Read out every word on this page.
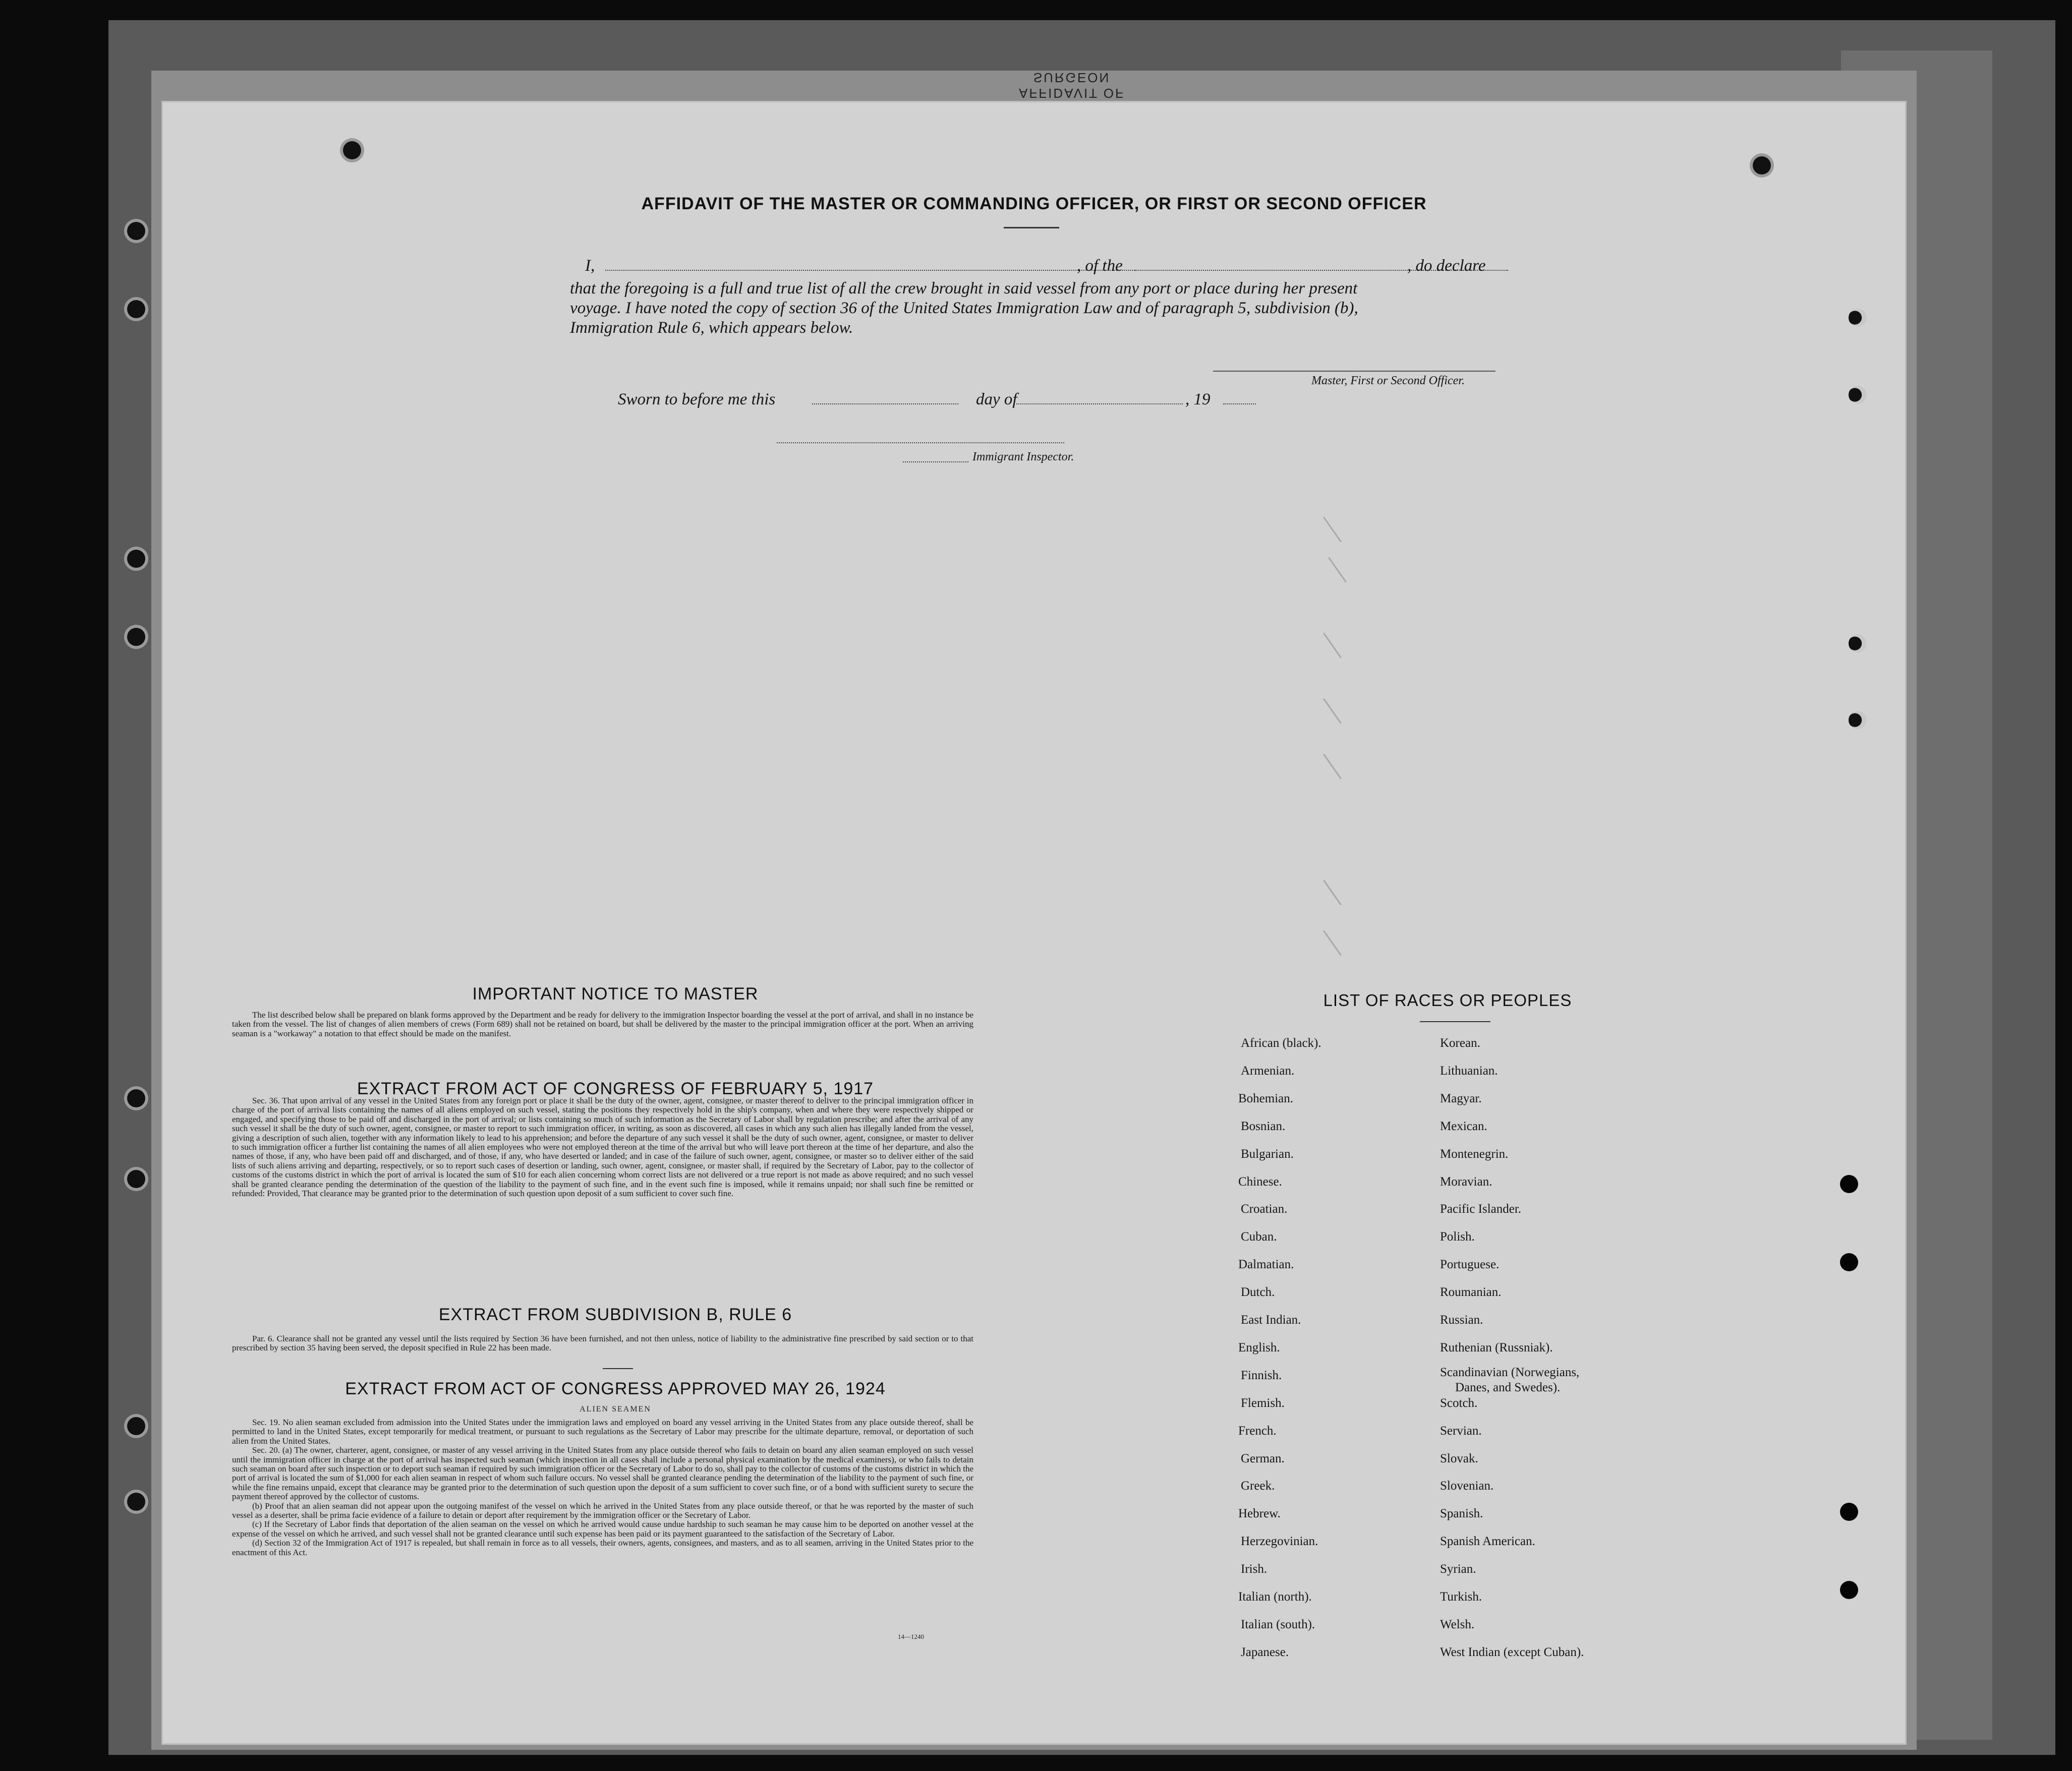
AFFIDAVIT OF SURGEON
AFFIDAVIT OF THE MASTER OR COMMANDING OFFICER, OR FIRST OR SECOND OFFICER
I,	, of the	, do declare
that the foregoing is a full and true list of all the crew brought in said vessel from any port or place during her present
voyage. I have noted the copy of section 36 of the United States Immigration Law and of paragraph 5, subdivision (b),
Immigration Rule 6, which appears below.
Master, First or Second Officer.
Sworn to before me this	day of	, 19
Immigrant Inspector.
IMPORTANT NOTICE TO MASTER

The list described below shall be prepared on blank forms approved by the Department and be ready for delivery to the immigration Inspector boarding the vessel at the port of arrival, and shall in no instance be taken from the vessel. The list of changes of alien members of crews (Form 689) shall not be retained on board, but shall be delivered by the master to the principal immigration officer at the port. When an arriving seaman is a "workaway" a notation to that effect should be made on the manifest.

EXTRACT FROM ACT OF CONGRESS OF FEBRUARY 5, 1917

Sec. 36. That upon arrival of any vessel in the United States from any foreign port or place it shall be the duty of the owner, agent, consignee, or master thereof to deliver to the principal immigration officer in charge of the port of arrival lists containing the names of all aliens employed on such vessel, stating the positions they respectively hold in the ship's company, when and where they were respectively shipped or engaged, and specifying those to be paid off and discharged in the port of arrival; or lists containing so much of such information as the Secretary of Labor shall by regulation prescribe; and after the arrival of any such vessel it shall be the duty of such owner, agent, consignee, or master to report to such immigration officer, in writing, as soon as discovered, all cases in which any such alien has illegally landed from the vessel, giving a description of such alien, together with any information likely to lead to his apprehension; and before the departure of any such vessel it shall be the duty of such owner, agent, consignee, or master to deliver to such immigration officer a further list containing the names of all alien employees who were not employed thereon at the time of the arrival but who will leave port thereon at the time of her departure, and also the names of those, if any, who have been paid off and discharged, and of those, if any, who have deserted or landed; and in case of the failure of such owner, agent, consignee, or master so to deliver either of the said lists of such aliens arriving and departing, respectively, or so to report such cases of desertion or landing, such owner, agent, consignee, or master shall, if required by the Secretary of Labor, pay to the collector of customs of the customs district in which the port of arrival is located the sum of $10 for each alien concerning whom correct lists are not delivered or a true report is not made as above required; and no such vessel shall be granted clearance pending the determination of the question of the liability to the payment of such fine, and in the event such fine is imposed, while it remains unpaid; nor shall such fine be remitted or refunded: Provided, That clearance may be granted prior to the determination of such question upon deposit of a sum sufficient to cover such fine.

EXTRACT FROM SUBDIVISION B, RULE 6

Par. 6. Clearance shall not be granted any vessel until the lists required by Section 36 have been furnished, and not then unless, notice of liability to the administrative fine prescribed by said section or to that prescribed by section 35 having been served, the deposit specified in Rule 22 has been made.

EXTRACT FROM ACT OF CONGRESS APPROVED MAY 26, 1924
ALIEN SEAMEN

Sec. 19. No alien seaman excluded from admission into the United States under the immigration laws and employed on board any vessel arriving in the United States from any place outside thereof, shall be permitted to land in the United States, except temporarily for medical treatment, or pursuant to such regulations as the Secretary of Labor may prescribe for the ultimate departure, removal, or deportation of such alien from the United States.

Sec. 20. (a) The owner, charterer, agent, consignee, or master of any vessel arriving in the United States from any place outside thereof who fails to detain on board any alien seaman employed on such vessel until the immigration officer in charge at the port of arrival has inspected such seaman (which inspection in all cases shall include a personal physical examination by the medical examiners), or who fails to detain such seaman on board after such inspection or to deport such seaman if required by such immigration officer or the Secretary of Labor to do so, shall pay to the collector of customs of the customs district in which the port of arrival is located the sum of $1,000 for each alien seaman in respect of whom such failure occurs. No vessel shall be granted clearance pending the determination of the liability to the payment of such fine, or while the fine remains unpaid, except that clearance may be granted prior to the determination of such question upon the deposit of a sum sufficient to cover such fine, or of a bond with sufficient surety to secure the payment thereof approved by the collector of customs.

(b) Proof that an alien seaman did not appear upon the outgoing manifest of the vessel on which he arrived in the United States from any place outside thereof, or that he was reported by the master of such vessel as a deserter, shall be prima facie evidence of a failure to detain or deport after requirement by the immigration officer or the Secretary of Labor.

(c) If the Secretary of Labor finds that deportation of the alien seaman on the vessel on which he arrived would cause undue hardship to such seaman he may cause him to be deported on another vessel at the expense of the vessel on which he arrived, and such vessel shall not be granted clearance until such expense has been paid or its payment guaranteed to the satisfaction of the Secretary of Labor.

(d) Section 32 of the Immigration Act of 1917 is repealed, but shall remain in force as to all vessels, their owners, agents, consignees, and masters, and as to all seamen, arriving in the United States prior to the enactment of this Act.

14—1240
LIST OF RACES OR PEOPLES
African (black).
Armenian.
Bohemian.
Bosnian.
Bulgarian.
Chinese.
Croatian.
Cuban.
Dalmatian.
Dutch.
East Indian.
English.
Finnish.
Flemish.
French.
German.
Greek.
Hebrew.
Herzegovinian.
Irish.
Italian (north).
Italian (south).
Japanese.
Korean.
Lithuanian.
Magyar.
Mexican.
Montenegrin.
Moravian.
Pacific Islander.
Polish.
Portuguese.
Roumanian.
Russian.
Ruthenian (Russniak).
Scandinavian (Norwegians,
Scotch.
Servian.
Slovak.
Slovenian.
Spanish.
Spanish American.
Syrian.
Turkish.
Welsh.
West Indian (except Cuban).
Danes, and Swedes).
